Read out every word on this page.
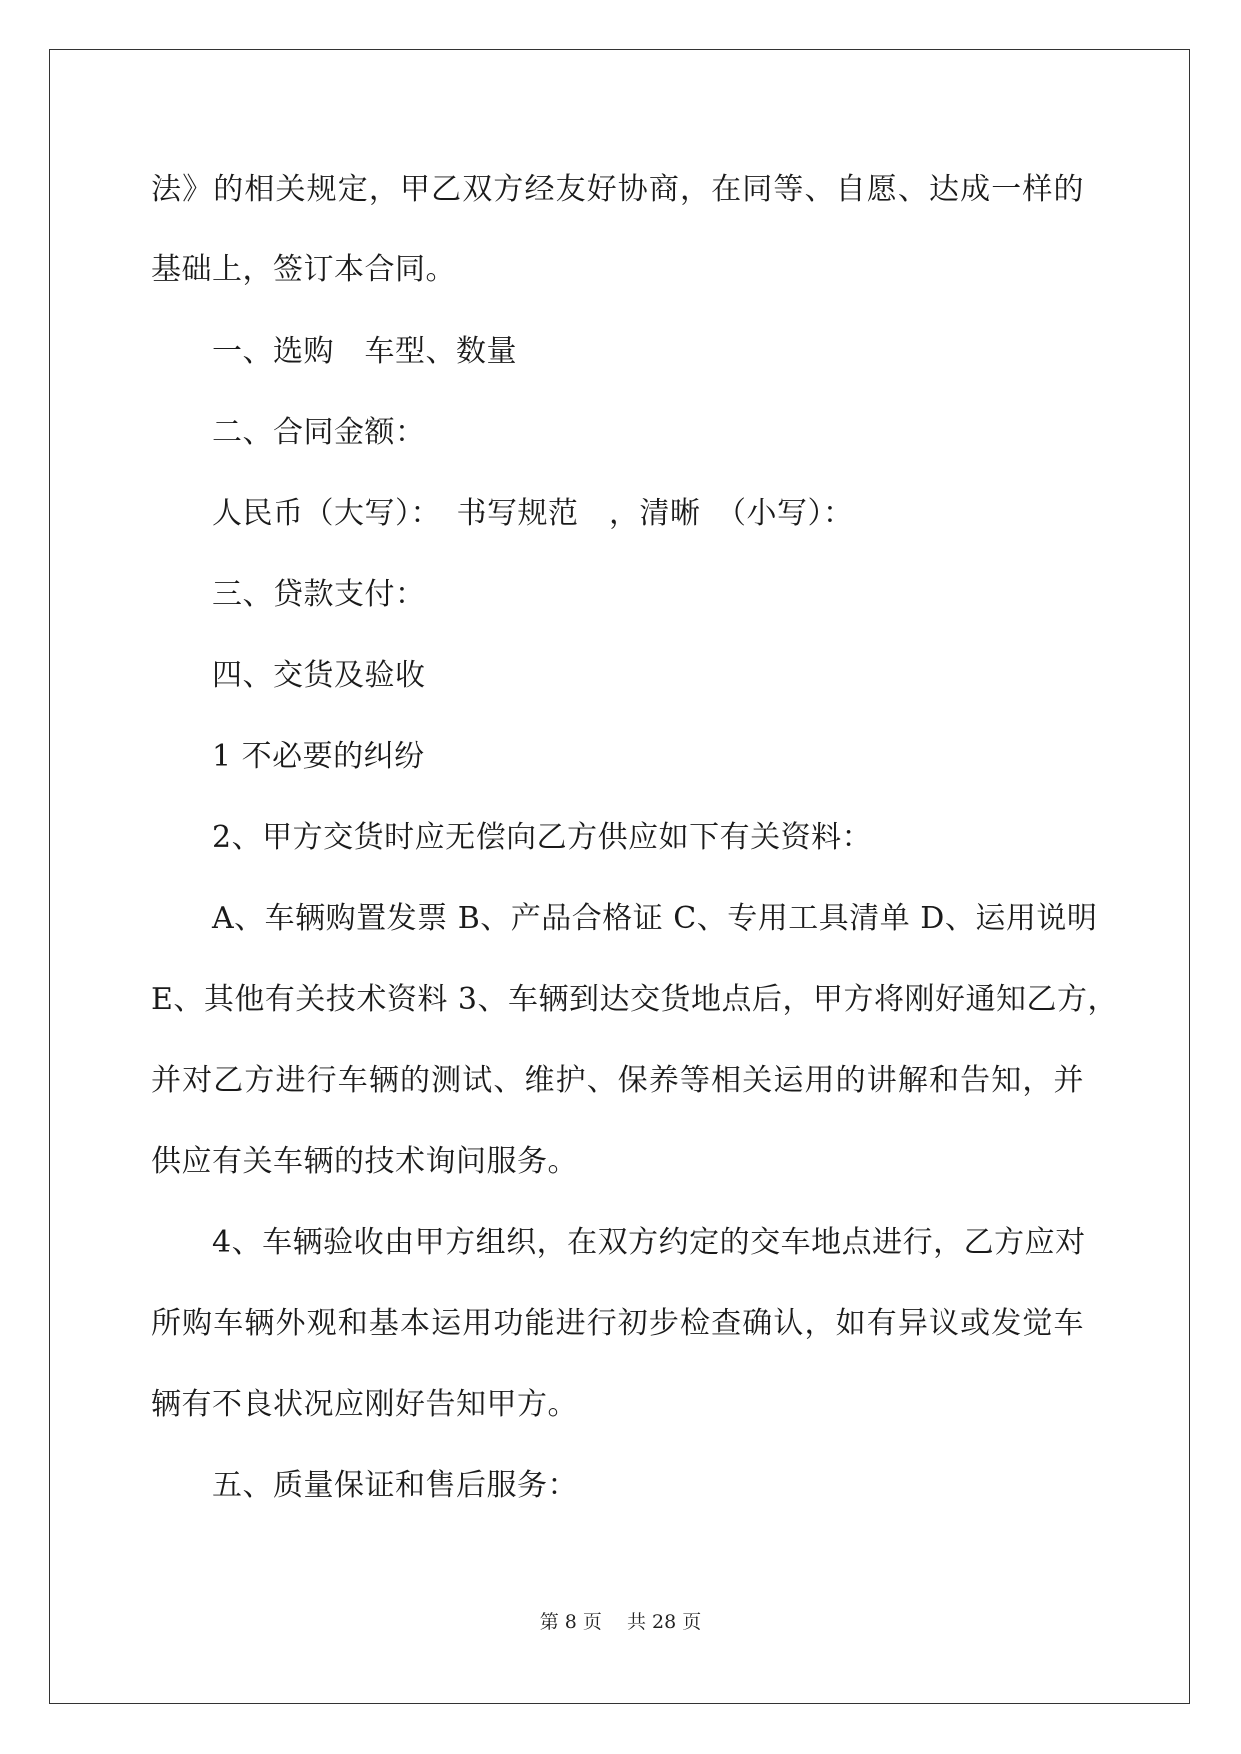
法》的相关规定，甲乙双方经友好协商，在同等、自愿、达成一样的
基础上，签订本合同。
一、选购　车型、数量
二、合同金额：
人民币（大写）：　书写规范　，清晰　（小写）：
三、贷款支付：
四、交货及验收
1 不必要的纠纷
2、甲方交货时应无偿向乙方供应如下有关资料：
A、车辆购置发票 B、产品合格证 C、专用工具清单 D、运用说明
E、其他有关技术资料 3、车辆到达交货地点后，甲方将刚好通知乙方，
并对乙方进行车辆的测试、维护、保养等相关运用的讲解和告知，并
供应有关车辆的技术询问服务。
4、车辆验收由甲方组织，在双方约定的交车地点进行，乙方应对
所购车辆外观和基本运用功能进行初步检查确认，如有异议或发觉车
辆有不良状况应刚好告知甲方。
五、质量保证和售后服务：
第 8 页　 共 28 页
